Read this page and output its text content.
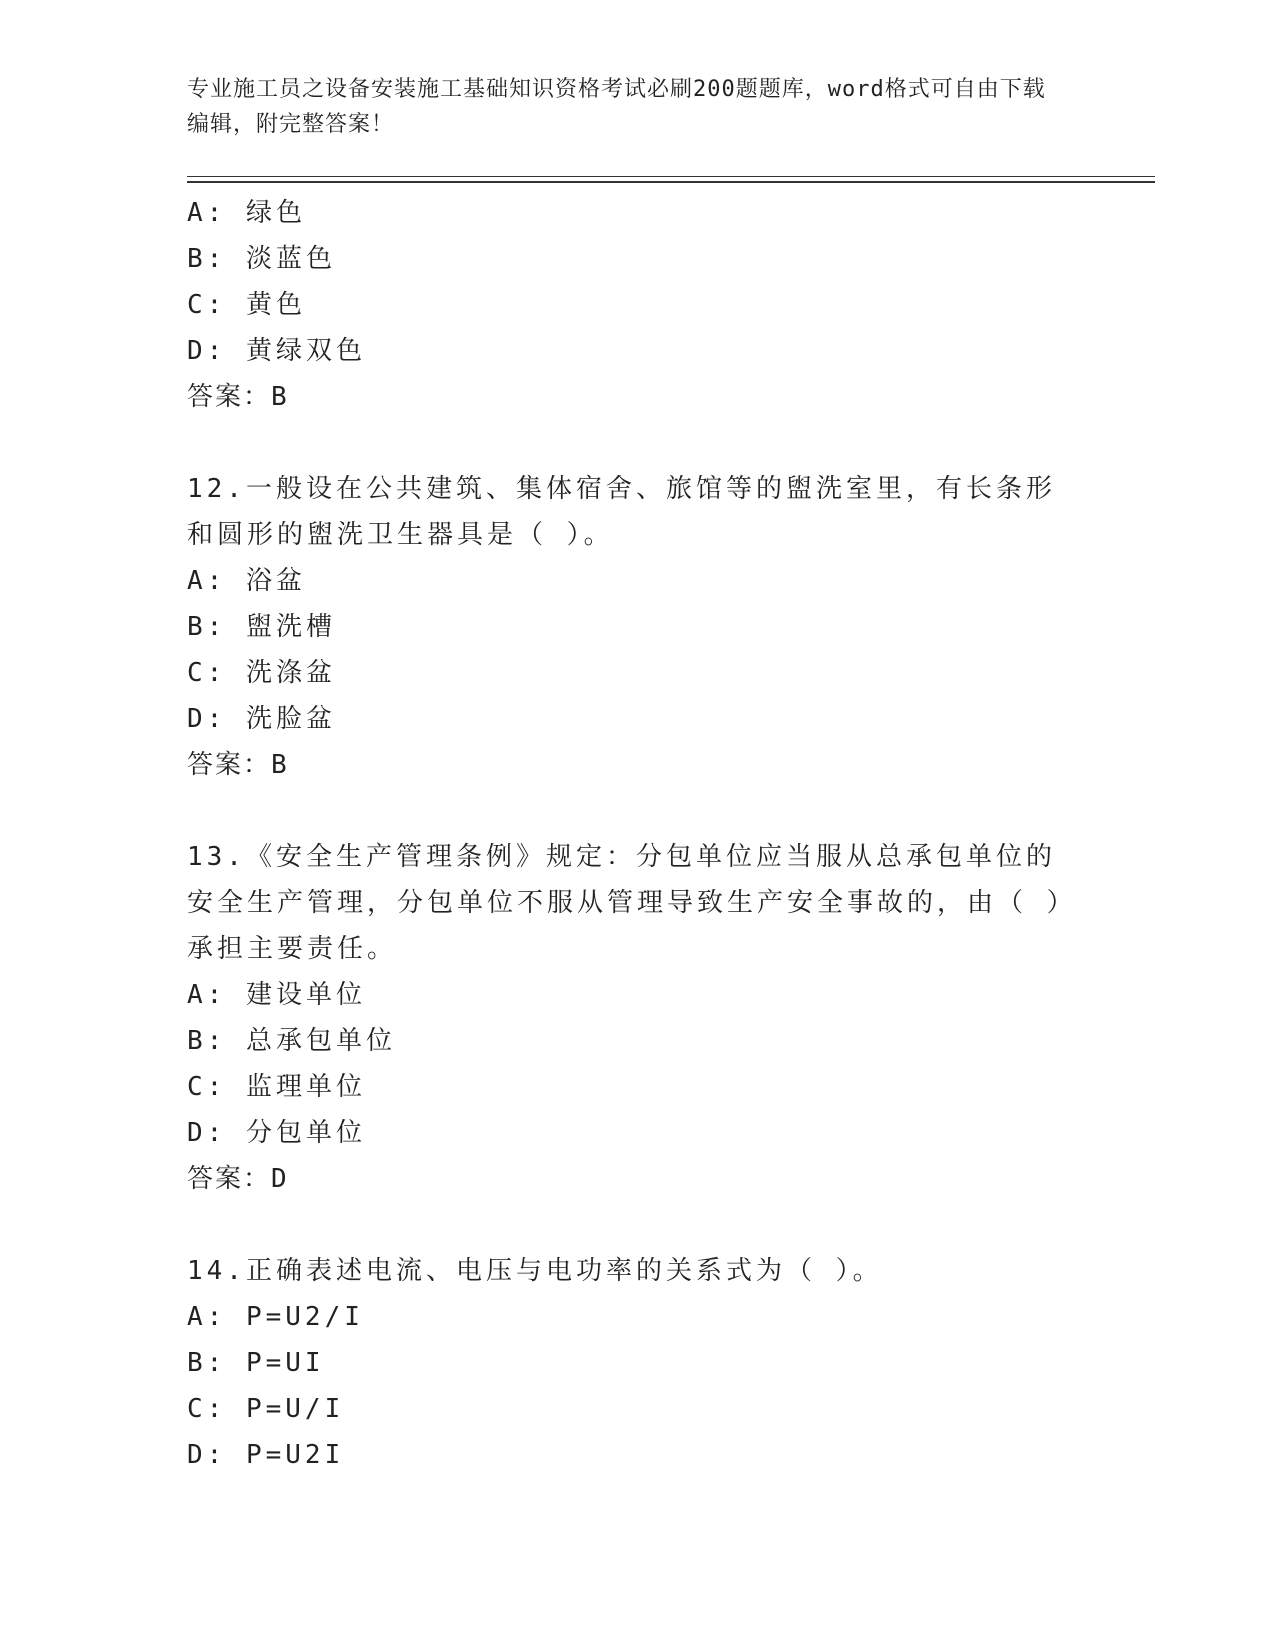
专业施工员之设备安装施工基础知识资格考试必刷200题题库，word格式可自由下载编辑，附完整答案！
A: 绿色
B: 淡蓝色
C: 黄色
D: 黄绿双色
答案：B
12.一般设在公共建筑、集体宿舍、旅馆等的盥洗室里，有长条形和圆形的盥洗卫生器具是（ ）。
A: 浴盆
B: 盥洗槽
C: 洗涤盆
D: 洗脸盆
答案：B
13.《安全生产管理条例》规定：分包单位应当服从总承包单位的安全生产管理，分包单位不服从管理导致生产安全事故的，由（ ）承担主要责任。
A: 建设单位
B: 总承包单位
C: 监理单位
D: 分包单位
答案：D
14.正确表述电流、电压与电功率的关系式为（ ）。
A: P=U2/I
B: P=UI
C: P=U/I
D: P=U2I
